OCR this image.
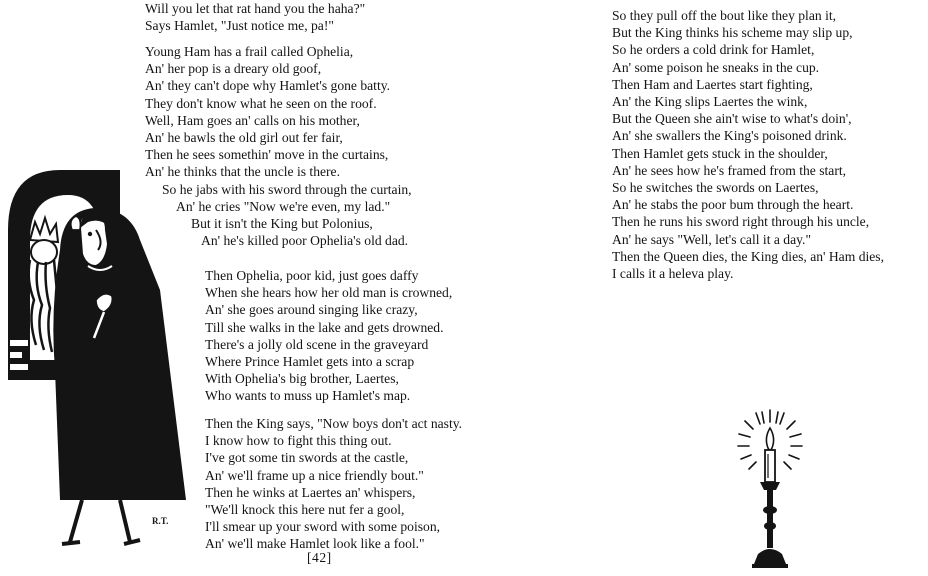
R.T.
Will you let that rat hand you the haha?"
Says Hamlet, "Just notice me, pa!"
Young Ham has a frail called Ophelia,
An' her pop is a dreary old goof,
An' they can't dope why Hamlet's gone batty.
They don't know what he seen on the roof.
Well, Ham goes an' calls on his mother,
An' he bawls the old girl out fer fair,
Then he sees somethin' move in the curtains,
An' he thinks that the uncle is there.
So he jabs with his sword through the curtain,
An' he cries "Now we're even, my lad."
But it isn't the King but Polonius,
An' he's killed poor Ophelia's old dad.
Then Ophelia, poor kid, just goes daffy
When she hears how her old man is crowned,
An' she goes around singing like crazy,
Till she walks in the lake and gets drowned.
There's a jolly old scene in the graveyard
Where Prince Hamlet gets into a scrap
With Ophelia's big brother, Laertes,
Who wants to muss up Hamlet's map.
Then the King says, "Now boys don't act nasty.
I know how to fight this thing out.
I've got some tin swords at the castle,
An' we'll frame up a nice friendly bout."
Then he winks at Laertes an' whispers,
"We'll knock this here nut fer a gool,
I'll smear up your sword with some poison,
An' we'll make Hamlet look like a fool."
So they pull off the bout like they plan it,
But the King thinks his scheme may slip up,
So he orders a cold drink for Hamlet,
An' some poison he sneaks in the cup.
Then Ham and Laertes start fighting,
An' the King slips Laertes the wink,
But the Queen she ain't wise to what's doin',
An' she swallers the King's poisoned drink.
Then Hamlet gets stuck in the shoulder,
An' he sees how he's framed from the start,
So he switches the swords on Laertes,
An' he stabs the poor bum through the heart.
Then he runs his sword right through his uncle,
An' he says "Well, let's call it a day."
Then the Queen dies, the King dies, an' Ham dies,
I calls it a heleva play.
[42]
